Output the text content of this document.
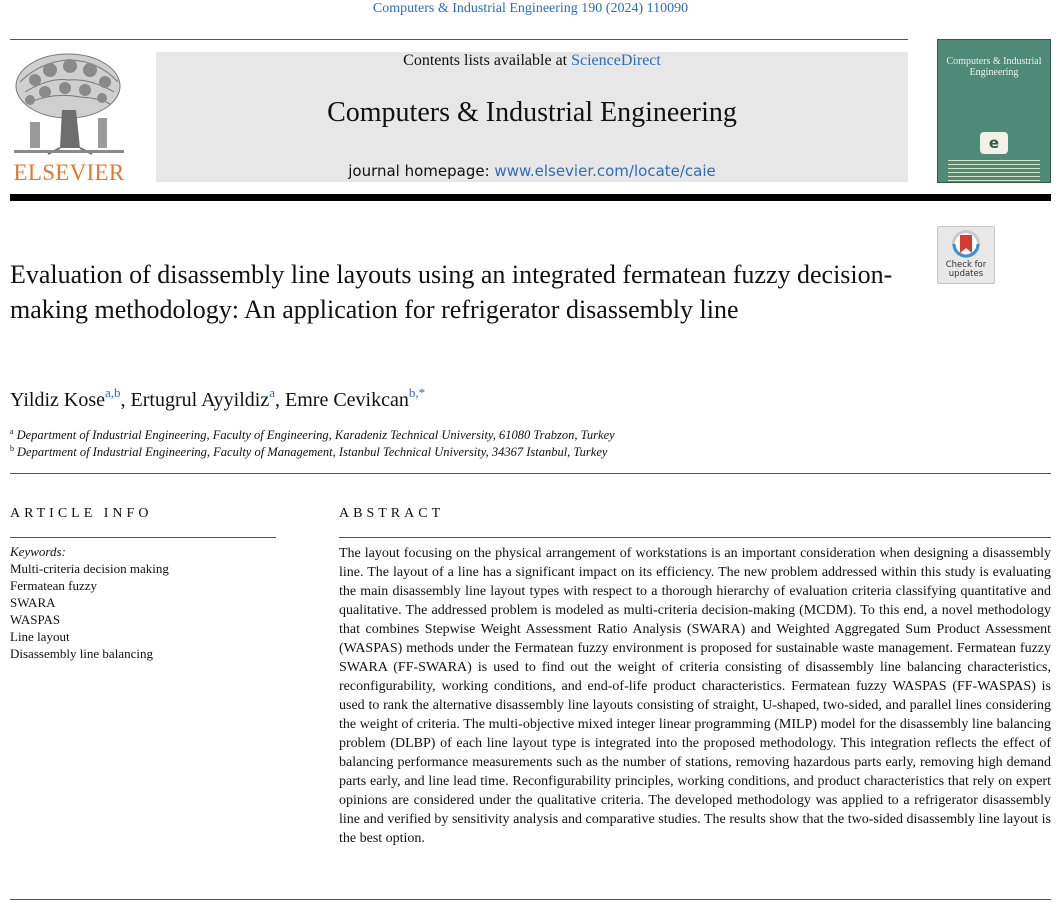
Computers & Industrial Engineering 190 (2024) 110090
ELSEVIER
Contents lists available at ScienceDirect
Computers & Industrial Engineering
journal homepage: www.elsevier.com/locate/caie
Computers & Industrial Engineering
e
Check for updates
Evaluation of disassembly line layouts using an integrated fermatean fuzzy decision-making methodology: An application for refrigerator disassembly line
Yildiz Kose$^{a,b}$, Ertugrul Ayyildiz$^a$, Emre Cevikcan$^{b,*}$
$^a$ Department of Industrial Engineering, Faculty of Engineering, Karadeniz Technical University, 61080 Trabzon, Turkey
$^b$ Department of Industrial Engineering, Faculty of Management, Istanbul Technical University, 34367 Istanbul, Turkey
ARTICLE INFO
Keywords:
Multi-criteria decision making
Fermatean fuzzy
SWARA
WASPAS
Line layout
Disassembly line balancing
ABSTRACT
The layout focusing on the physical arrangement of workstations is an important consideration when designing a disassembly line. The layout of a line has a significant impact on its efficiency. The new problem addressed within this study is evaluating the main disassembly line layout types with respect to a thorough hierarchy of evaluation criteria classifying quantitative and qualitative. The addressed problem is modeled as multi-criteria decision-making (MCDM). To this end, a novel methodology that combines Stepwise Weight Assessment Ratio Analysis (SWARA) and Weighted Aggregated Sum Product Assessment (WASPAS) methods under the Fermatean fuzzy environment is proposed for sustainable waste management. Fermatean fuzzy SWARA (FF-SWARA) is used to find out the weight of criteria consisting of disassembly line balancing characteristics, reconfigurability, working conditions, and end-of-life product characteristics. Fermatean fuzzy WASPAS (FF-WASPAS) is used to rank the alternative disassembly line layouts consisting of straight, U-shaped, two-sided, and parallel lines considering the weight of criteria. The multi-objective mixed integer linear programming (MILP) model for the disassembly line balancing problem (DLBP) of each line layout type is integrated into the proposed methodology. This integration reflects the effect of balancing performance measurements such as the number of stations, removing hazardous parts early, removing high demand parts early, and line lead time. Reconfigurability principles, working conditions, and product characteristics that rely on expert opinions are considered under the qualitative criteria. The developed methodology was applied to a refrigerator disassembly line and verified by sensitivity analysis and comparative studies. The results show that the two-sided disassembly line layout is the best option.
